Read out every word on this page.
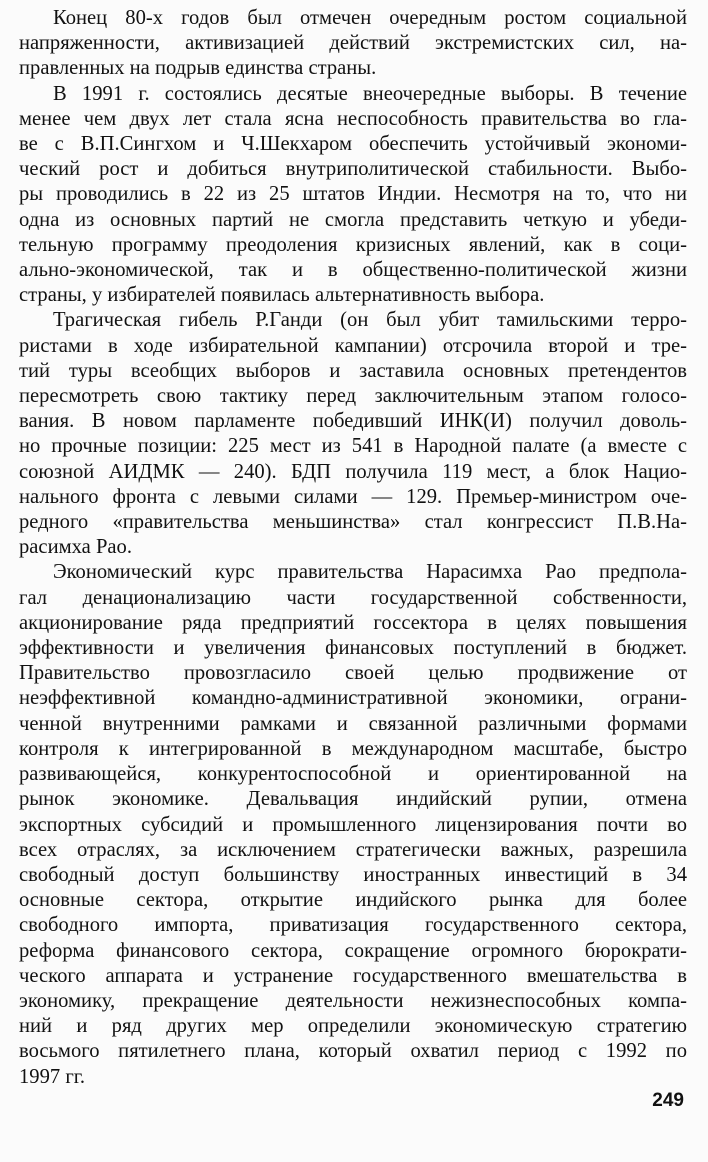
Конец 80-х годов был отмечен очередным ростом социальной
напряженности, активизацией действий экстремистских сил, на-
правленных на подрыв единства страны.
В 1991 г. состоялись десятые внеочередные выборы. В течение
менее чем двух лет стала ясна неспособность правительства во гла-
ве с В.П.Сингхом и Ч.Шекхаром обеспечить устойчивый экономи-
ческий рост и добиться внутриполитической стабильности. Выбо-
ры проводились в 22 из 25 штатов Индии. Несмотря на то, что ни
одна из основных партий не смогла представить четкую и убеди-
тельную программу преодоления кризисных явлений, как в соци-
ально-экономической, так и в общественно-политической жизни
страны, у избирателей появилась альтернативность выбора.
Трагическая гибель Р.Ганди (он был убит тамильскими терро-
ристами в ходе избирательной кампании) отсрочила второй и тре-
тий туры всеобщих выборов и заставила основных претендентов
пересмотреть свою тактику перед заключительным этапом голосо-
вания. В новом парламенте победивший ИНК(И) получил доволь-
но прочные позиции: 225 мест из 541 в Народной палате (а вместе с
союзной АИДМК — 240). БДП получила 119 мест, а блок Нацио-
нального фронта с левыми силами — 129. Премьер-министром оче-
редного «правительства меньшинства» стал конгрессист П.В.На-
расимха Рао.
Экономический курс правительства Нарасимха Рао предпола-
гал денационализацию части государственной собственности,
акционирование ряда предприятий госсектора в целях повышения
эффективности и увеличения финансовых поступлений в бюджет.
Правительство провозгласило своей целью продвижение от
неэффективной командно-административной экономики, ограни-
ченной внутренними рамками и связанной различными формами
контроля к интегрированной в международном масштабе, быстро
развивающейся, конкурентоспособной и ориентированной на
рынок экономике. Девальвация индийский рупии, отмена
экспортных субсидий и промышленного лицензирования почти во
всех отраслях, за исключением стратегически важных, разрешила
свободный доступ большинству иностранных инвестиций в 34
основные сектора, открытие индийского рынка для более
свободного импорта, приватизация государственного сектора,
реформа финансового сектора, сокращение огромного бюрократи-
ческого аппарата и устранение государственного вмешательства в
экономику, прекращение деятельности нежизнеспособных компа-
ний и ряд других мер определили экономическую стратегию
восьмого пятилетнего плана, который охватил период с 1992 по
1997 гг.
249
